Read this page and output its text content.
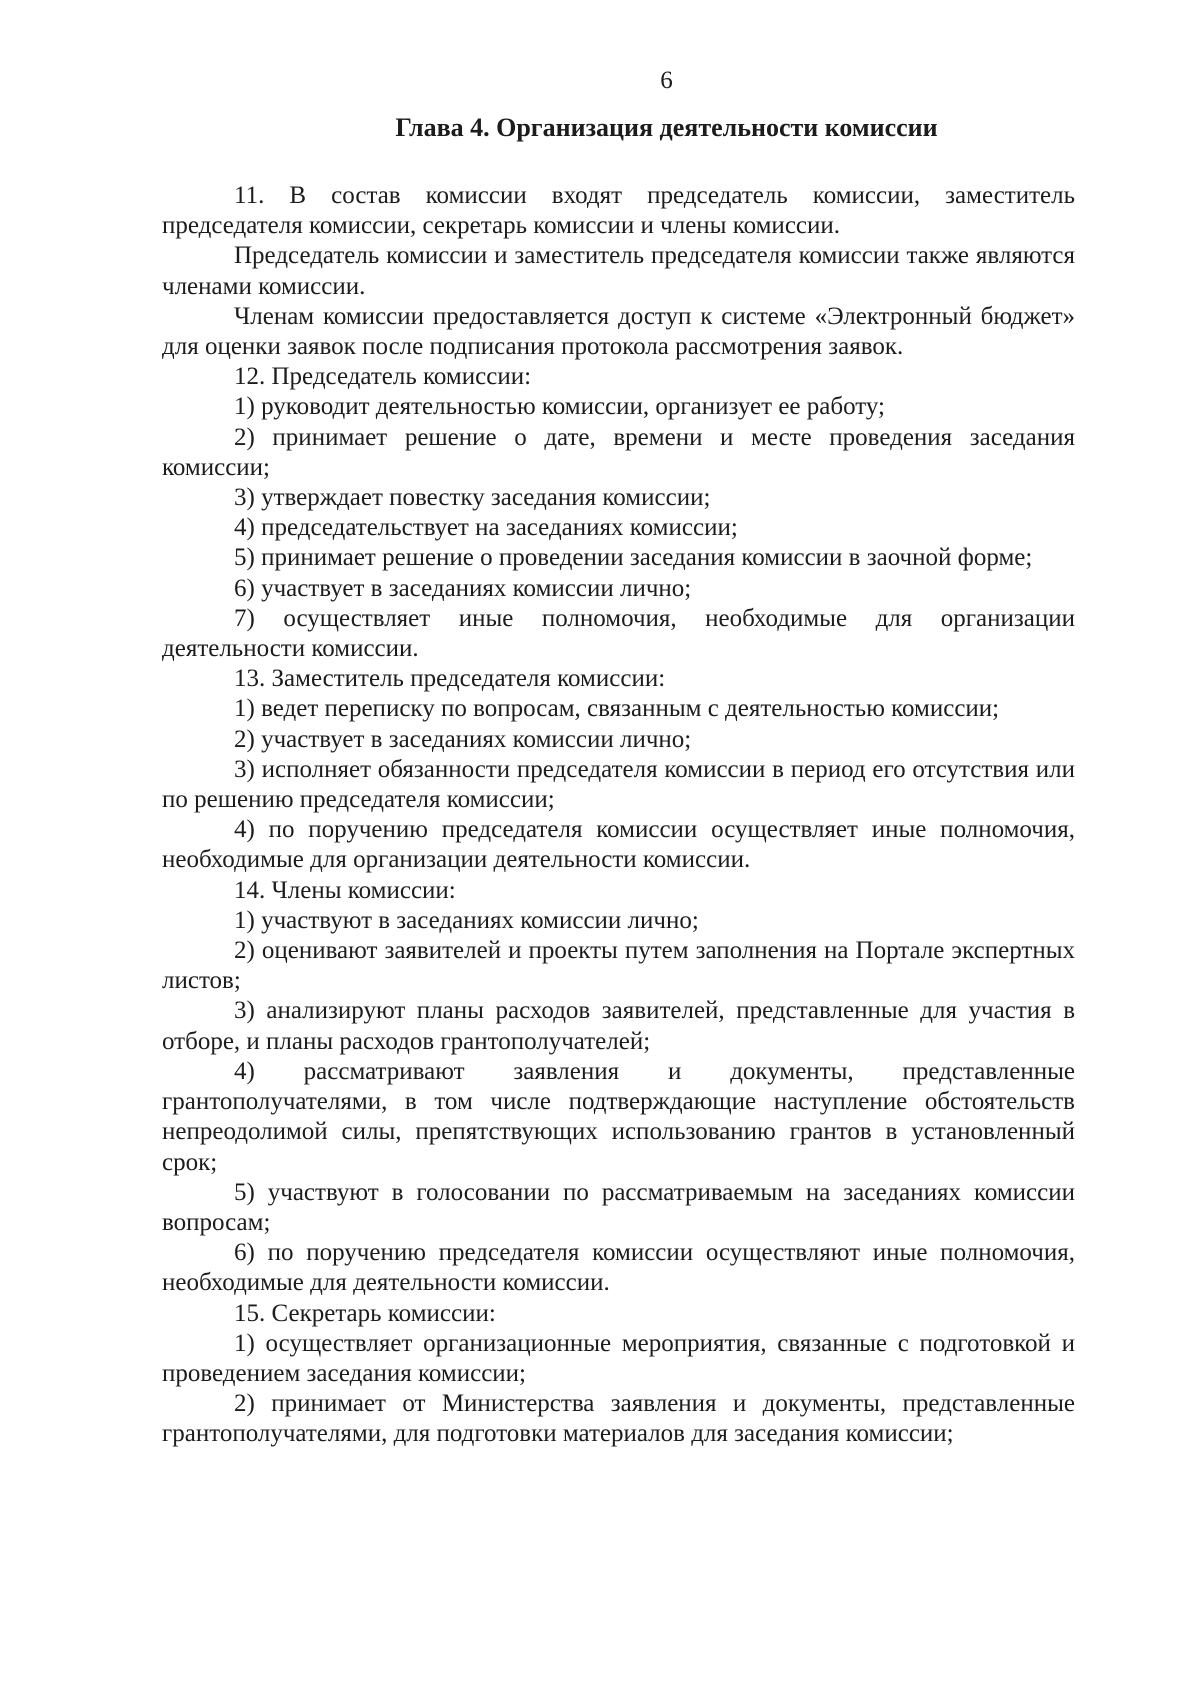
6
Глава 4. Организация деятельности комиссии

11. В состав комиссии входят председатель комиссии, заместитель председателя комиссии, секретарь комиссии и члены комиссии.

Председатель комиссии и заместитель председателя комиссии также являются членами комиссии.

Членам комиссии предоставляется доступ к системе «Электронный бюджет» для оценки заявок после подписания протокола рассмотрения заявок.

12. Председатель комиссии:

1) руководит деятельностью комиссии, организует ее работу;

2) принимает решение о дате, времени и месте проведения заседания комиссии;

3) утверждает повестку заседания комиссии;

4) председательствует на заседаниях комиссии;

5) принимает решение о проведении заседания комиссии в заочной форме;

6) участвует в заседаниях комиссии лично;

7) осуществляет иные полномочия, необходимые для организации деятельности комиссии.

13. Заместитель председателя комиссии:

1) ведет переписку по вопросам, связанным с деятельностью комиссии;

2) участвует в заседаниях комиссии лично;

3) исполняет обязанности председателя комиссии в период его отсутствия или по решению председателя комиссии;

4) по поручению председателя комиссии осуществляет иные полномочия, необходимые для организации деятельности комиссии.

14. Члены комиссии:

1) участвуют в заседаниях комиссии лично;

2) оценивают заявителей и проекты путем заполнения на Портале экспертных листов;

3) анализируют планы расходов заявителей, представленные для участия в отборе, и планы расходов грантополучателей;

4) рассматривают заявления и документы, представленные грантополучателями, в том числе подтверждающие наступление обстоятельств непреодолимой силы, препятствующих использованию грантов в установленный срок;

5) участвуют в голосовании по рассматриваемым на заседаниях комиссии вопросам;

6) по поручению председателя комиссии осуществляют иные полномочия, необходимые для деятельности комиссии.

15. Секретарь комиссии:

1) осуществляет организационные мероприятия, связанные с подготовкой и проведением заседания комиссии;

2) принимает от Министерства заявления и документы, представленные грантополучателями, для подготовки материалов для заседания комиссии;
